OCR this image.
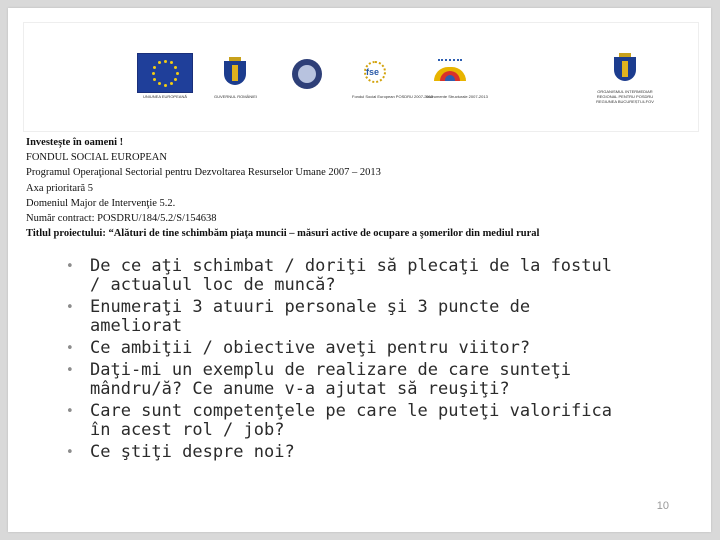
UNIUNEA EUROPEANĂ	GUVERNUL ROMÂNIEI
fse
Fondul Social European POSDRU 2007-2013
Instrumente Structurale 2007-2013
ORGANISMUL INTERMEDIAR REGIONAL PENTRU POSDRU REGIUNEA BUCUREȘTI-ILFOV
Investeşte în oameni !
FONDUL SOCIAL EUROPEAN
Programul Operaţional Sectorial pentru Dezvoltarea Resurselor Umane 2007 – 2013
Axa prioritară 5
Domeniul Major de Intervenţie 5.2.
Număr contract: POSDRU/184/5.2/S/154638
Titlul proiectului: “Alături de tine schimbăm piaţa muncii – măsuri active de ocupare a şomerilor din mediul rural
• De ce aţi schimbat / doriţi să plecaţi de la fostul / actualul loc de muncă?
• Enumeraţi 3 atuuri personale şi 3 puncte de ameliorat
• Ce ambiţii / obiective aveţi pentru viitor?
• Daţi-mi un exemplu de realizare de care sunteţi mândru/ă? Ce anume v-a ajutat să reuşiţi?
• Care sunt competenţele pe care le puteţi valorifica în acest rol / job?
• Ce ştiţi despre noi?
10
